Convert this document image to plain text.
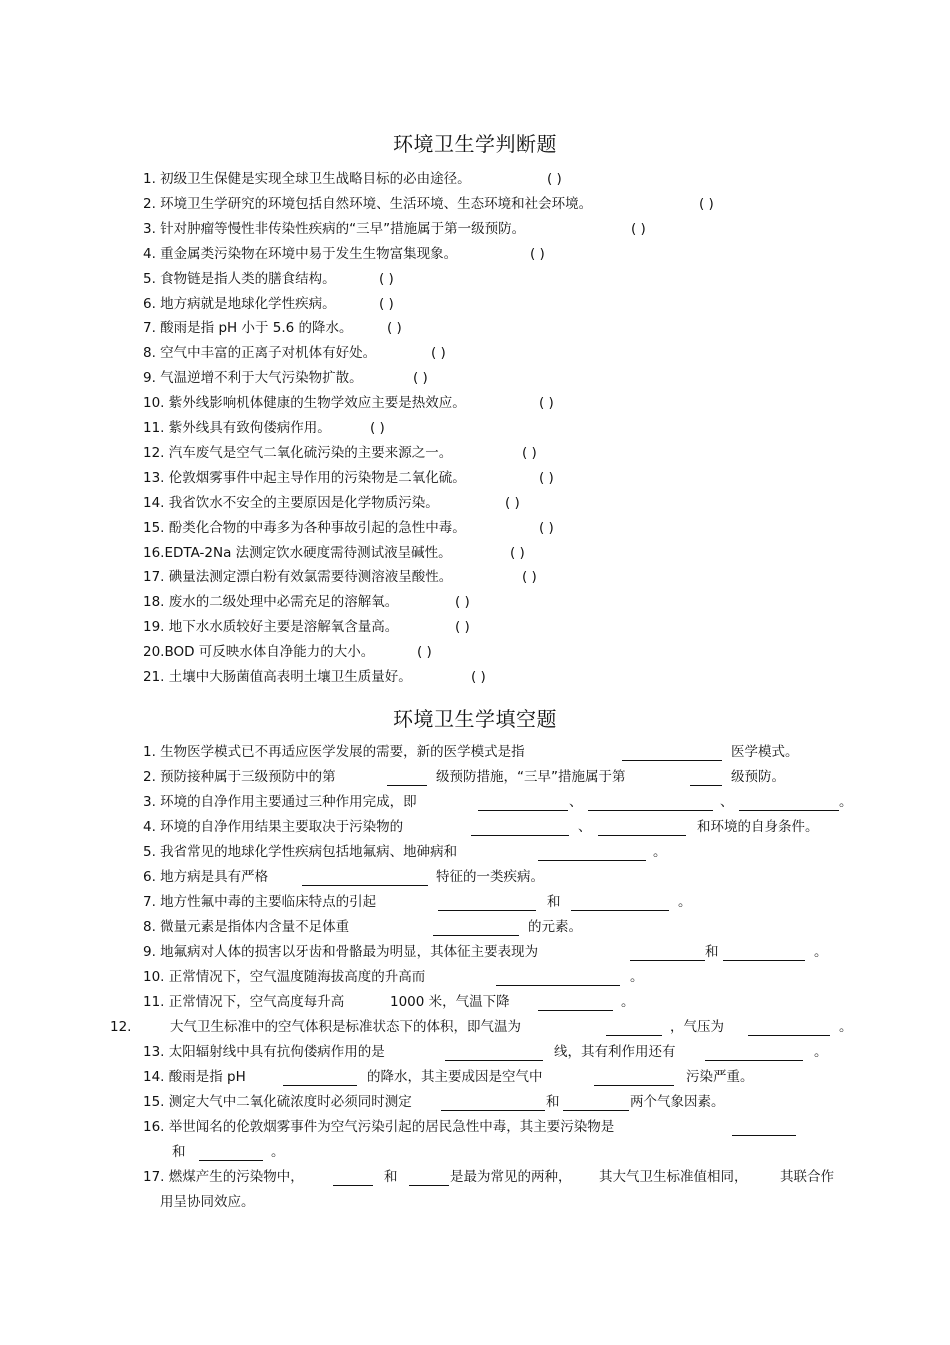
环境卫生学判断题
1. 初级卫生保健是实现全球卫生战略目标的必由途径。	( )
2. 环境卫生学研究的环境包括自然环境、生活环境、生态环境和社会环境。	( )
3. 针对肿瘤等慢性非传染性疾病的“三早”措施属于第一级预防。	( )
4. 重金属类污染物在环境中易于发生生物富集现象。	( )
5. 食物链是指人类的膳食结构。	( )
6. 地方病就是地球化学性疾病。	( )
7. 酸雨是指 pH 小于 5.6 的降水。	( )
8. 空气中丰富的正离子对机体有好处。	( )
9. 气温逆增不利于大气污染物扩散。	( )
10. 紫外线影响机体健康的生物学效应主要是热效应。	( )
11. 紫外线具有致佝偻病作用。	( )
12. 汽车废气是空气二氧化硫污染的主要来源之一。	( )
13. 伦敦烟雾事件中起主导作用的污染物是二氧化硫。	( )
14. 我省饮水不安全的主要原因是化学物质污染。	( )
15. 酚类化合物的中毒多为各种事故引起的急性中毒。	( )
16.EDTA-2Na 法测定饮水硬度需待测试液呈碱性。	( )
17. 碘量法测定漂白粉有效氯需要待测溶液呈酸性。	( )
18. 废水的二级处理中必需充足的溶解氧。	( )
19. 地下水水质较好主要是溶解氧含量高。	( )
20.BOD 可反映水体自净能力的大小。	( )
21. 土壤中大肠菌值高表明土壤卫生质量好。	( )
环境卫生学填空题
1. 生物医学模式已不再适应医学发展的需要，新的医学模式是指	医学模式。
2. 预防接种属于三级预防中的第	级预防措施，“三早”措施属于第	级预防。
3. 环境的自净作用主要通过三种作用完成，即	、	、	。
4. 环境的自净作用结果主要取决于污染物的	、	和环境的自身条件。
5. 我省常见的地球化学性疾病包括地氟病、地砷病和	。
6. 地方病是具有严格	特征的一类疾病。
7. 地方性氟中毒的主要临床特点的引起	和	。
8. 微量元素是指体内含量不足体重	的元素。
9. 地氟病对人体的损害以牙齿和骨骼最为明显，其体征主要表现为	和	。
10. 正常情况下，空气温度随海拔高度的升高而	。
11. 正常情况下，空气高度每升高	1000 米，气温下降	。
12.	大气卫生标准中的空气体积是标准状态下的体积，即气温为	，气压为	。
13. 太阳辐射线中具有抗佝偻病作用的是	线，其有利作用还有	。
14. 酸雨是指 pH	的降水，其主要成因是空气中	污染严重。
15. 测定大气中二氧化硫浓度时必须同时测定	和	两个气象因素。
16. 举世闻名的伦敦烟雾事件为空气污染引起的居民急性中毒，其主要污染物是
和	。
17. 燃煤产生的污染物中，	和	是最为常见的两种， 其大气卫生标准值相同， 其联合作
用呈协同效应。
